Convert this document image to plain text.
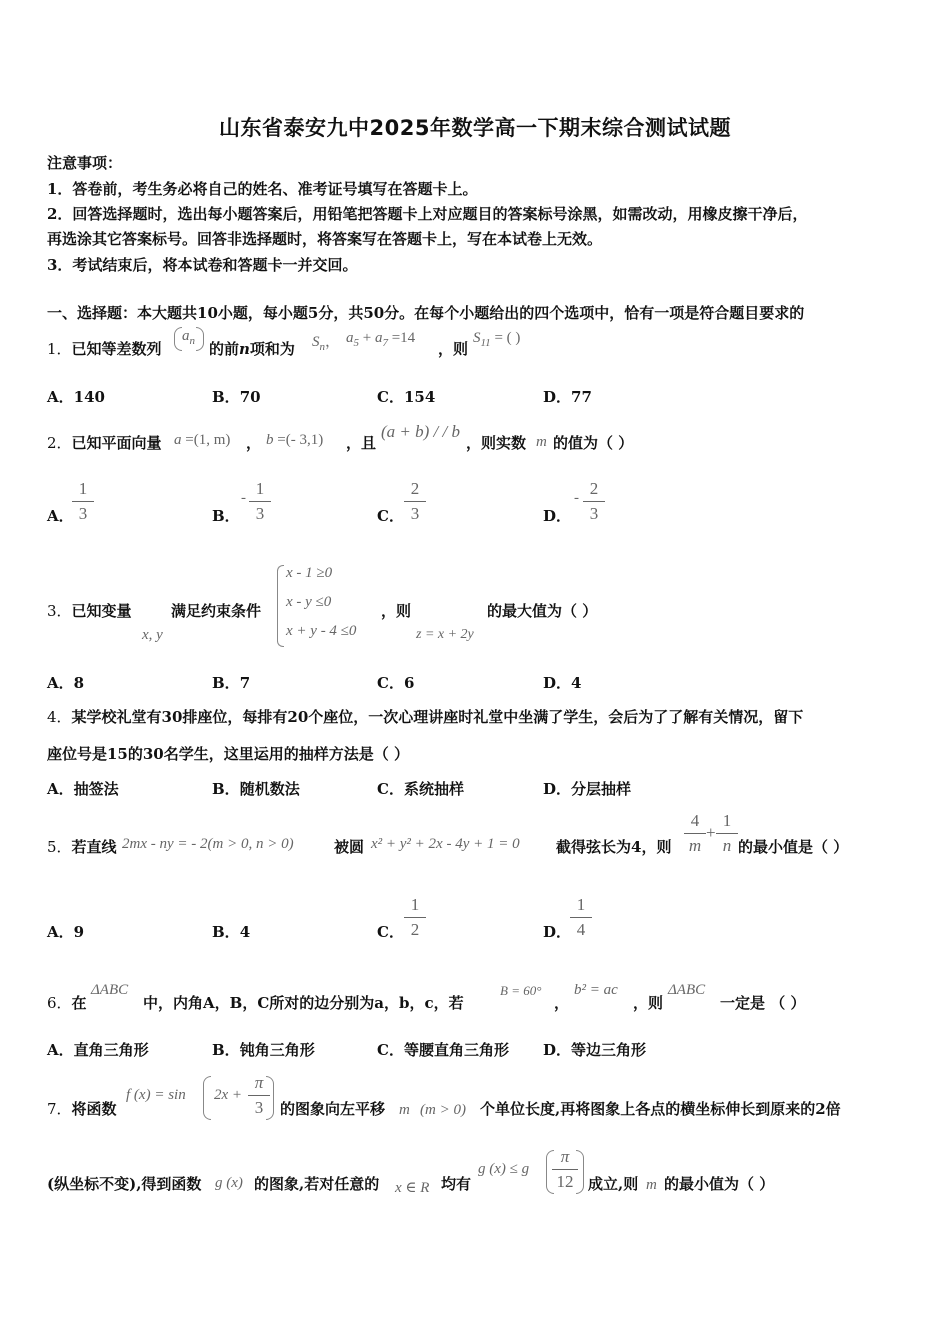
山东省泰安九中2025年数学高一下期末综合测试试题
注意事项：
1．答卷前，考生务必将自己的姓名、准考证号填写在答题卡上。
2．回答选择题时，选出每小题答案后，用铅笔把答题卡上对应题目的答案标号涂黑，如需改动，用橡皮擦干净后，
再选涂其它答案标号。回答非选择题时，将答案写在答题卡上，写在本试卷上无效。
3．考试结束后，将本试卷和答题卡一并交回。
一、选择题：本大题共10小题，每小题5分，共50分。在每个小题给出的四个选项中，恰有一项是符合题目要求的
1．已知等差数列
$a_n$ 的前n项和为 $S_n$， $a_5 + a_7 =14$
，则
$S_{11}$ = ( )
A．140	B．70	C．154	D．77
2．已知平面向量 a =(1, m) ， b =(- 3,1) ，且
(a + b) / / b
，则实数 m 的值为（ ）
A．
1
3	B．
- 1
3	C．
2
3	D．
- 2
3
3．已知变量
x, y
满足约束条件
x - 1 ≥0
x - y ≤0
x + y - 4 ≤0
，则
z = x + 2y
的最大值为（ ）
A．8	B．7	C．6	D．4
4．某学校礼堂有30排座位，每排有20个座位，一次心理讲座时礼堂中坐满了学生，会后为了了解有关情况，留下
座位号是15的30名学生，这里运用的抽样方法是（ ）
A．抽签法	B．随机数法	C．系统抽样	D．分层抽样
5．若直线 2mx - ny = - 2(m > 0, n > 0)	被圆 x² + y² + 2x - 4y + 1 = 0 截得弦长为4，则
4
m
+
1
n 的最小值是（ ）
A．9	B．4	C．
1
2	D．
1
4
6．在
ΔABC
中，内角A，B，C所对的边分别为a，b，c，若
B = 60°
，
b² = ac
，则
ΔABC
一定是 （ ）
A．直角三角形	B．钝角三角形	C．等腰直角三角形 D．等边三角形
7．将函数
f (x) = sin 2x +
π
3	的图象向左平移 m (m > 0) 个单位长度,再将图象上各点的横坐标伸长到原来的2倍
(纵坐标不变),得到函数 g (x) 的图象,若对任意的 x ∈ R 均有
g (x) ≤ g
π
12 成立,则 m 的最小值为（ ）
